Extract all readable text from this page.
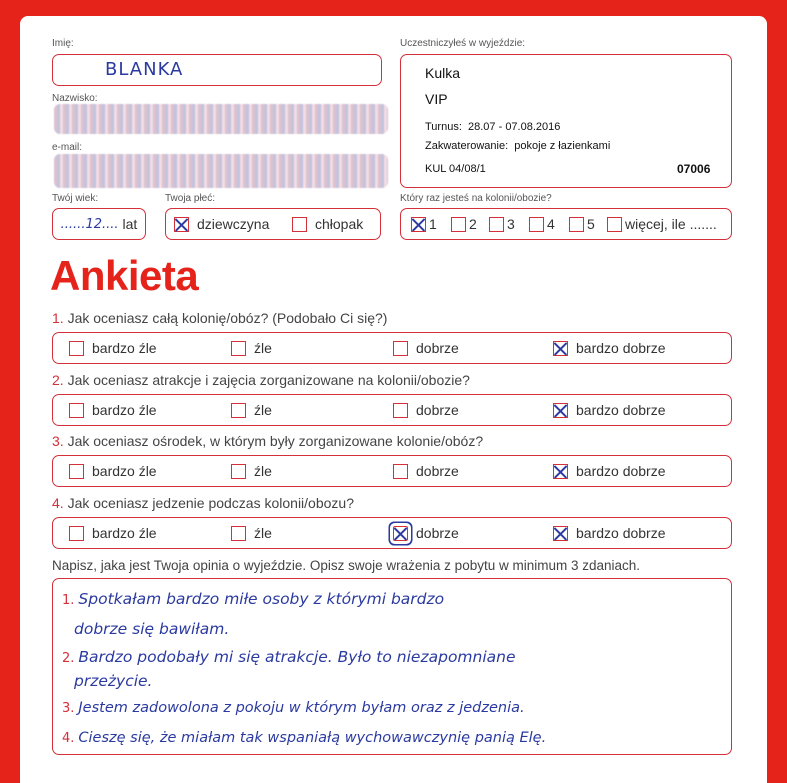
Imię:
BLANKA
Nazwisko:
e-mail:
Twój wiek:
......12.... lat
Twoja płeć:
dziewczyna	chłopak
Uczestniczyłeś w wyjeździe:
Kulka
VIP
Turnus: 28.07 - 07.08.2016
Zakwaterowanie: pokoje z łazienkami
KUL 04/08/1	07006
Który raz jesteś na kolonii/obozie?
1 2 3 4 5 więcej, ile .......
Ankieta
1. Jak oceniasz całą kolonię/obóz? (Podobało Ci się?)
bardzo źle	źle	dobrze	bardzo dobrze
2. Jak oceniasz atrakcje i zajęcia zorganizowane na kolonii/obozie?
bardzo źle	źle	dobrze	bardzo dobrze
3. Jak oceniasz ośrodek, w którym były zorganizowane kolonie/obóz?
bardzo źle	źle	dobrze	bardzo dobrze
4. Jak oceniasz jedzenie podczas kolonii/obozu?
bardzo źle	źle	dobrze	bardzo dobrze
Napisz, jaka jest Twoja opinia o wyjeździe. Opisz swoje wrażenia z pobytu w minimum 3 zdaniach.
1. Spotkałam bardzo miłe osoby z którymi bardzo
dobrze się bawiłam.
2. Bardzo podobały mi się atrakcje. Było to niezapomniane
przeżycie.
3. Jestem zadowolona z pokoju w którym byłam oraz z jedzenia.
4. Cieszę się, że miałam tak wspaniałą wychowawczynię panią Elę.
